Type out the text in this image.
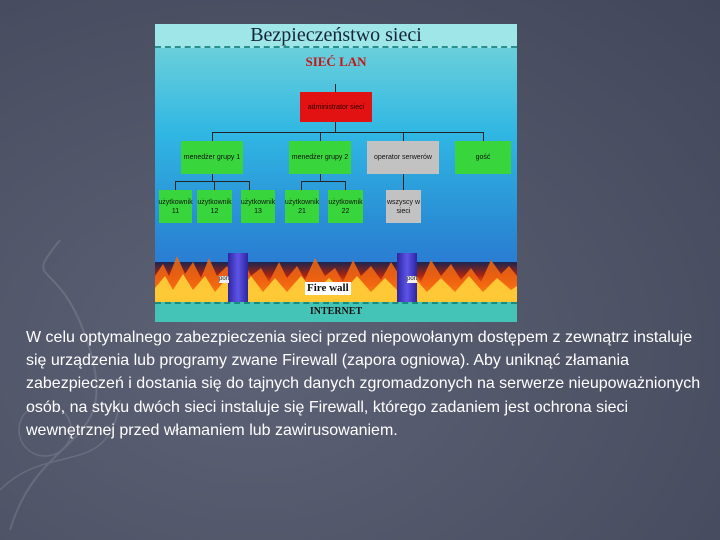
Bezpieczeństwo sieci
SIEĆ LAN
administrator sieci
menedżer grupy 1	menedżer grupy 2	operator serwerów	gość
użytkownik 11
użytkownik 12
użytkownik 13
użytkownik 21
użytkownik 22
wszyscy w sieci
port	port
Fire wall
INTERNET
W celu optymalnego zabezpieczenia sieci przed niepowołanym dostępem z zewnątrz instaluje się urządzenia lub programy zwane Firewall (zapora ogniowa). Aby uniknąć złamania zabezpieczeń i dostania się do tajnych danych zgromadzonych na serwerze nieupoważnionych osób, na styku dwóch sieci instaluje się Firewall, którego zadaniem jest ochrona sieci wewnętrznej przed włamaniem lub zawirusowaniem.
